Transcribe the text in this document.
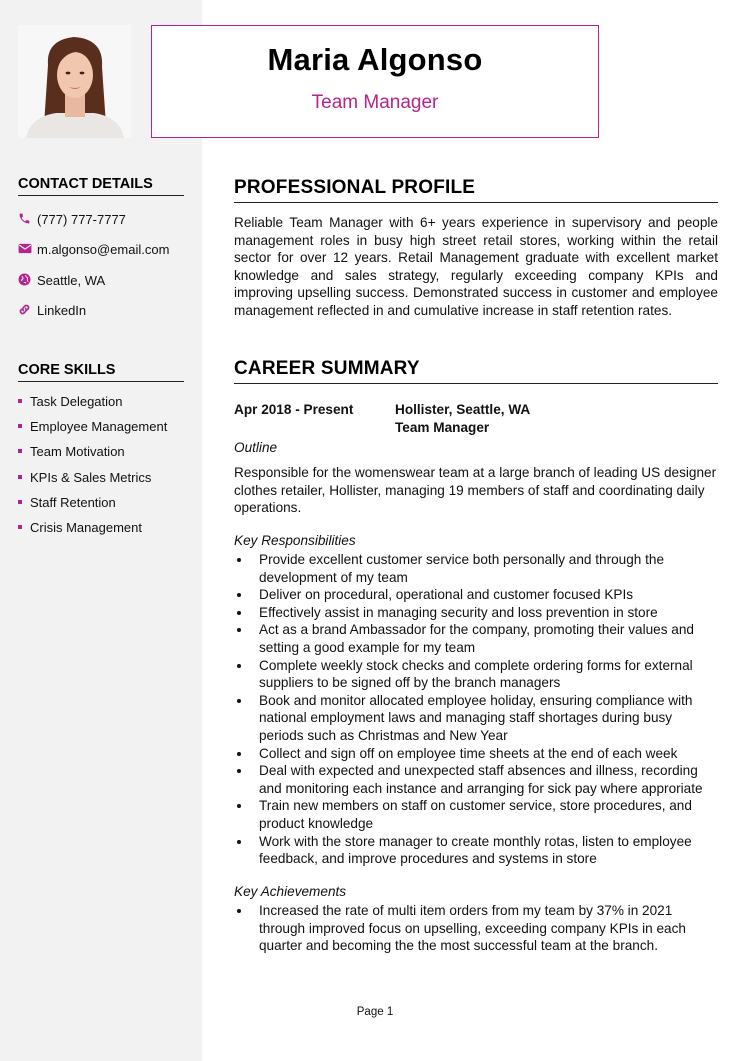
Maria Algonso
Team Manager
CONTACT DETAILS
(777) 777-7777
m.algonso@email.com
Seattle, WA
LinkedIn
CORE SKILLS
Task Delegation
Employee Management
Team Motivation
KPIs & Sales Metrics
Staff Retention
Crisis Management
PROFESSIONAL PROFILE
Reliable Team Manager with 6+ years experience in supervisory and people management roles in busy high street retail stores, working within the retail sector for over 12 years. Retail Management graduate with excellent market knowledge and sales strategy, regularly exceeding company KPIs and improving upselling success. Demonstrated success in customer and employee management reflected in and cumulative increase in staff retention rates.
CAREER SUMMARY
Apr 2018 - Present	Hollister, Seattle, WA
Team Manager
Outline
Responsible for the womenswear team at a large branch of leading US designer clothes retailer, Hollister, managing 19 members of staff and coordinating daily operations.
Key Responsibilities
Provide excellent customer service both personally and through the development of my team
Deliver on procedural, operational and customer focused KPIs
Effectively assist in managing security and loss prevention in store
Act as a brand Ambassador for the company, promoting their values and setting a good example for my team
Complete weekly stock checks and complete ordering forms for external suppliers to be signed off by the branch managers
Book and monitor allocated employee holiday, ensuring compliance with national employment laws and managing staff shortages during busy periods such as Christmas and New Year
Collect and sign off on employee time sheets at the end of each week
Deal with expected and unexpected staff absences and illness, recording and monitoring each instance and arranging for sick pay where approriate
Train new members on staff on customer service, store procedures, and product knowledge
Work with the store manager to create monthly rotas, listen to employee feedback, and improve procedures and systems in store
Key Achievements
Increased the rate of multi item orders from my team by 37% in 2021 through improved focus on upselling, exceeding company KPIs in each quarter and becoming the the most successful team at the branch.
Page 1
